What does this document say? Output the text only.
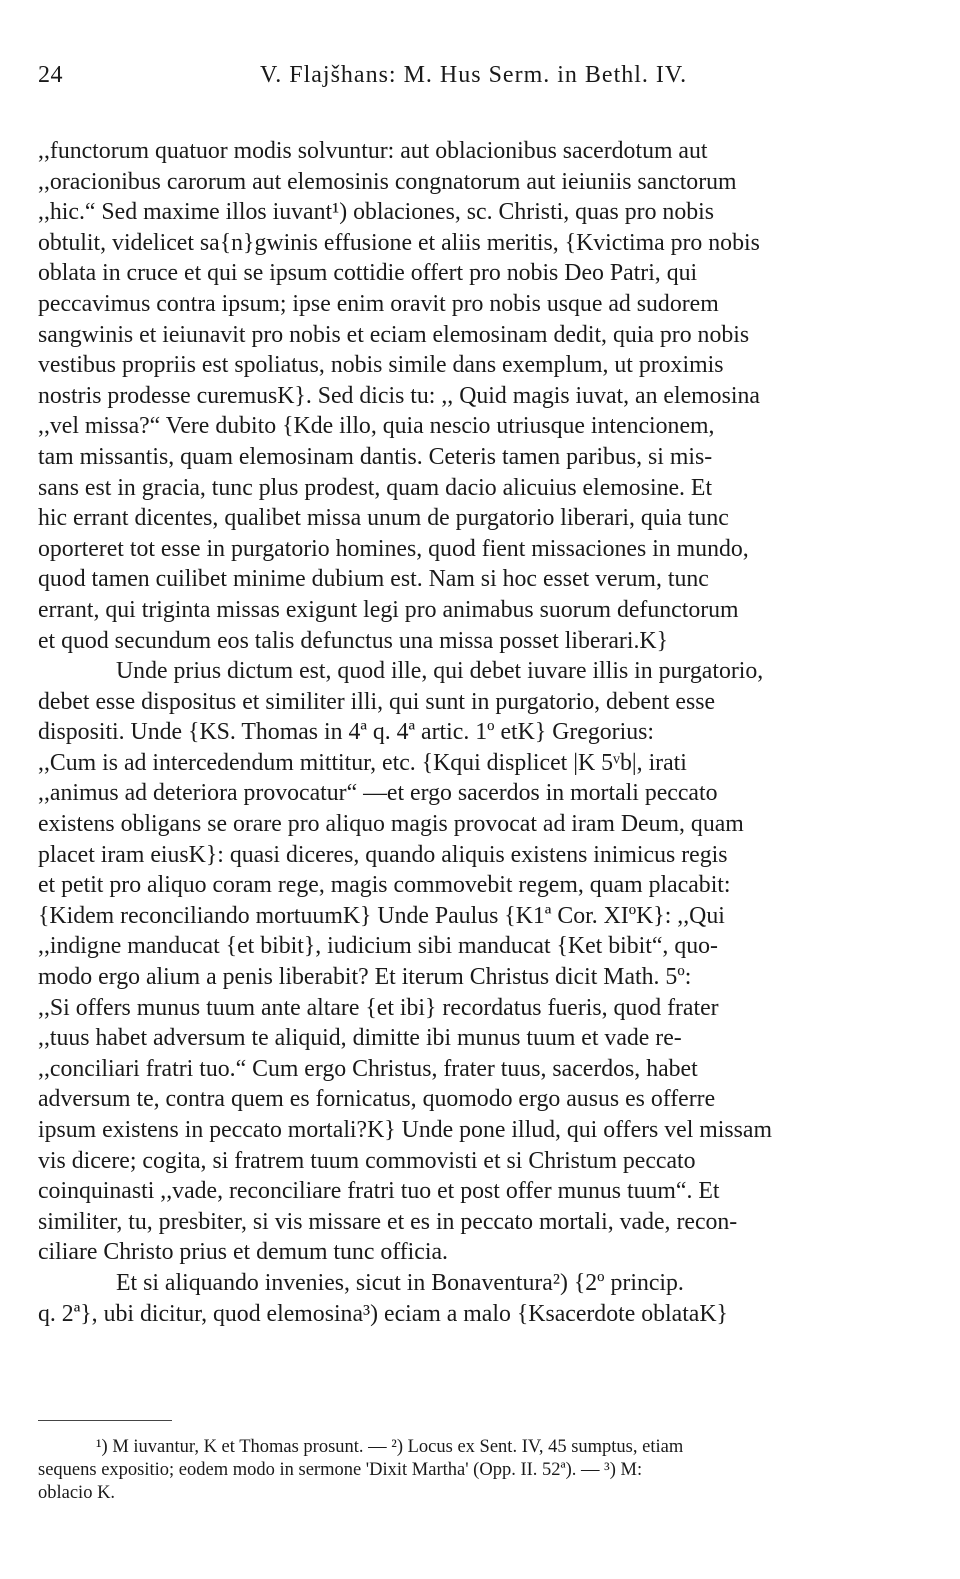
24	V. Flajšhans: M. Hus Serm. in Bethl. IV.
,,functorum quatuor modis solvuntur: aut oblacionibus sacerdotum aut
,,oracionibus carorum aut elemosinis congnatorum aut ieiuniis sanctorum
,,hic.“ Sed maxime illos iuvant¹) oblaciones, sc. Christi, quas pro nobis
obtulit, videlicet sa{n}gwinis effusione et aliis meritis, {Kvictima pro nobis
oblata in cruce et qui se ipsum cottidie offert pro nobis Deo Patri, qui
peccavimus contra ipsum; ipse enim oravit pro nobis usque ad sudorem
sangwinis et ieiunavit pro nobis et eciam elemosinam dedit, quia pro nobis
vestibus propriis est spoliatus, nobis simile dans exemplum, ut proximis
nostris prodesse curemusK}. Sed dicis tu: ,, Quid magis iuvat, an elemosina
,,vel missa?“ Vere dubito {Kde illo, quia nescio utriusque intencionem,
tam missantis, quam elemosinam dantis. Ceteris tamen paribus, si mis-
sans est in gracia, tunc plus prodest, quam dacio alicuius elemosine. Et
hic errant dicentes, qualibet missa unum de purgatorio liberari, quia tunc
oporteret tot esse in purgatorio homines, quod fient missaciones in mundo,
quod tamen cuilibet minime dubium est. Nam si hoc esset verum, tunc
errant, qui triginta missas exigunt legi pro animabus suorum defunctorum
et quod secundum eos talis defunctus una missa posset liberari.K}
Unde prius dictum est, quod ille, qui debet iuvare illis in purgatorio,
debet esse dispositus et similiter illi, qui sunt in purgatorio, debent esse
dispositi. Unde {KS. Thomas in 4ª q. 4ª artic. 1º etK} Gregorius:
,,Cum is ad intercedendum mittitur, etc. {Kqui displicet |K 5ᵛb|, irati
,,animus ad deteriora provocatur“ —et ergo sacerdos in mortali peccato
existens obligans se orare pro aliquo magis provocat ad iram Deum, quam
placet iram eiusK}: quasi diceres, quando aliquis existens inimicus regis
et petit pro aliquo coram rege, magis commovebit regem, quam placabit:
{Kidem reconciliando mortuumK} Unde Paulus {K1ª Cor. XIºK}: ,,Qui
,,indigne manducat {et bibit}, iudicium sibi manducat {Ket bibit“, quo-
modo ergo alium a penis liberabit? Et iterum Christus dicit Math. 5º:
,,Si offers munus tuum ante altare {et ibi} recordatus fueris, quod frater
,,tuus habet adversum te aliquid, dimitte ibi munus tuum et vade re-
,,conciliari fratri tuo.“ Cum ergo Christus, frater tuus, sacerdos, habet
adversum te, contra quem es fornicatus, quomodo ergo ausus es offerre
ipsum existens in peccato mortali?K} Unde pone illud, qui offers vel missam
vis dicere; cogita, si fratrem tuum commovisti et si Christum peccato
coinquinasti ,,vade, reconciliare fratri tuo et post offer munus tuum“. Et
similiter, tu, presbiter, si vis missare et es in peccato mortali, vade, recon-
ciliare Christo prius et demum tunc officia.
Et si aliquando invenies, sicut in Bonaventura²) {2º princip.
q. 2ª}, ubi dicitur, quod elemosina³) eciam a malo {Ksacerdote oblataK}
¹) M iuvantur, K et Thomas prosunt. — ²) Locus ex Sent. IV, 45 sumptus, etiam
sequens expositio; eodem modo in sermone 'Dixit Martha' (Opp. II. 52ª). — ³) M:
oblacio K.
